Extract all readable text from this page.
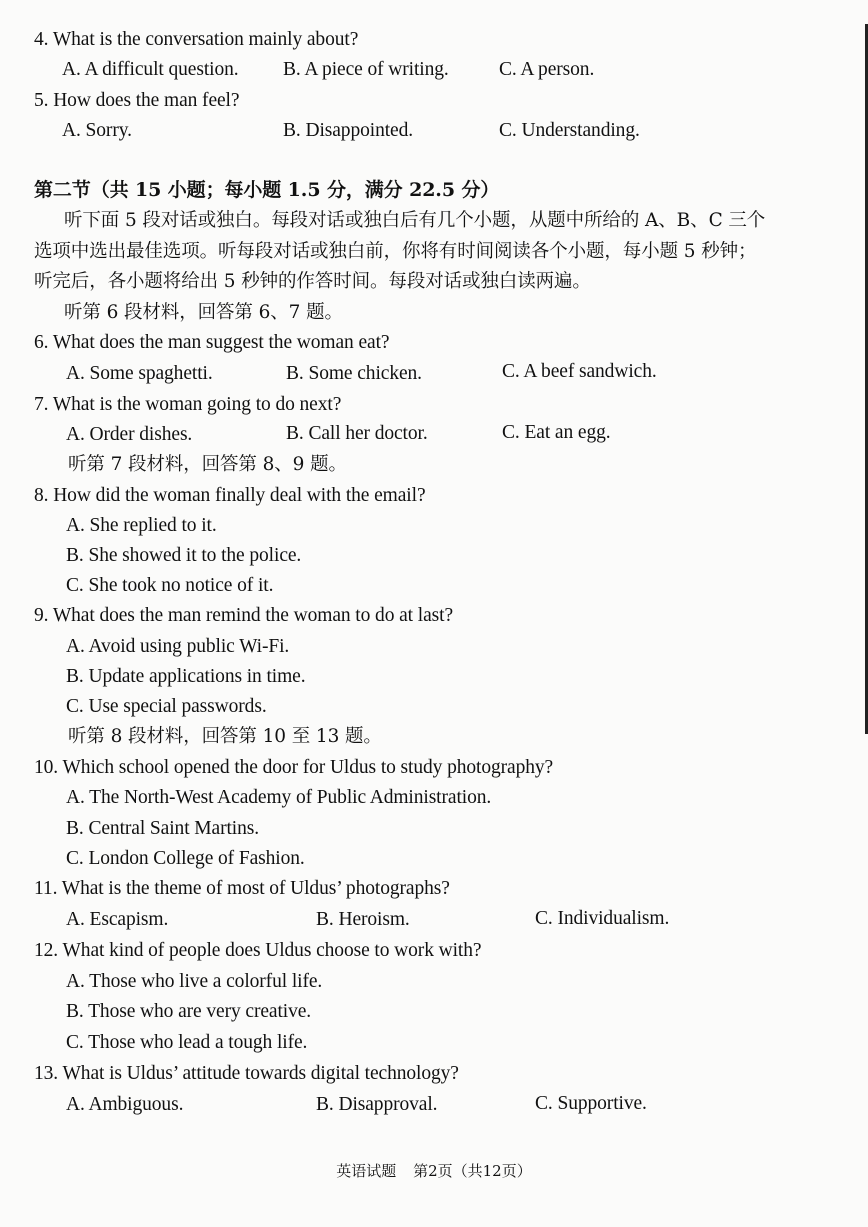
4. What is the conversation mainly about?
A. A difficult question. B. A piece of writing.	C. A person.
5. How does the man feel?
A. Sorry.	B. Disappointed.	C. Understanding.
第二节（共 15 小题；每小题 1.5 分，满分 22.5 分）
听下面 5 段对话或独白。每段对话或独白后有几个小题，从题中所给的 A、B、C 三个
选项中选出最佳选项。听每段对话或独白前，你将有时间阅读各个小题，每小题 5 秒钟；
听完后，各小题将给出 5 秒钟的作答时间。每段对话或独白读两遍。
听第 6 段材料，回答第 6、7 题。
6. What does the man suggest the woman eat?
A. Some spaghetti.	B. Some chicken.	C. A beef sandwich.
7. What is the woman going to do next?
A. Order dishes.	B. Call her doctor.	C. Eat an egg.
听第 7 段材料，回答第 8、9 题。
8. How did the woman finally deal with the email?
A. She replied to it.
B. She showed it to the police.
C. She took no notice of it.
9. What does the man remind the woman to do at last?
A. Avoid using public Wi-Fi.
B. Update applications in time.
C. Use special passwords.
听第 8 段材料，回答第 10 至 13 题。
10. Which school opened the door for Uldus to study photography?
A. The North-West Academy of Public Administration.
B. Central Saint Martins.
C. London College of Fashion.
11. What is the theme of most of Uldus’ photographs?
A. Escapism.	B. Heroism.	C. Individualism.
12. What kind of people does Uldus choose to work with?
A. Those who live a colorful life.
B. Those who are very creative.
C. Those who lead a tough life.
13. What is Uldus’ attitude towards digital technology?
A. Ambiguous.	B. Disapproval.	C. Supportive.
英语试题 第2页（共12页）
